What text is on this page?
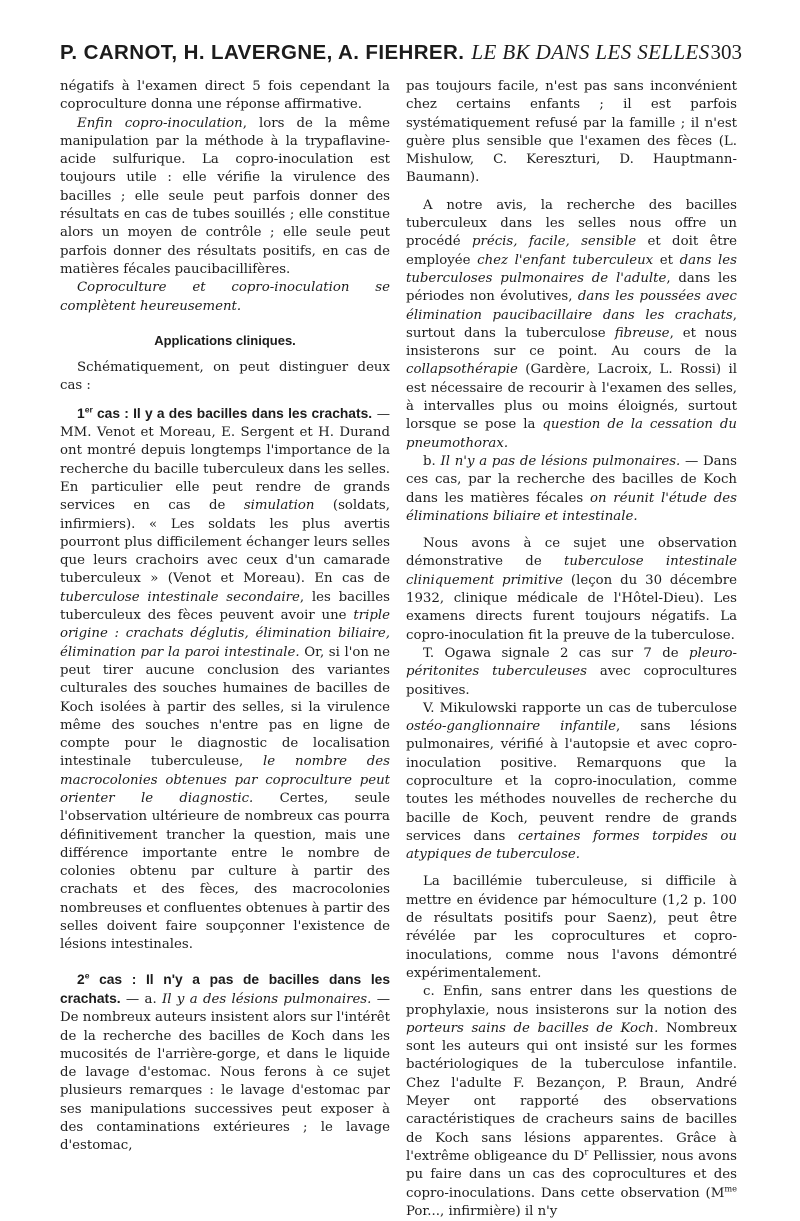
P. CARNOT, H. LAVERGNE, A. FIEHRER. LE BK DANS LES SELLES 303

négatifs à l'examen direct 5 fois cependant la coproculture donna une réponse affirmative.

Enfin copro-inoculation, lors de la même manipulation par la méthode à la trypaflavine-acide sulfurique. La copro-inoculation est toujours utile : elle vérifie la virulence des bacilles ; elle seule peut parfois donner des résultats en cas de tubes souillés ; elle constitue alors un moyen de contrôle ; elle seule peut parfois donner des résultats positifs, en cas de matières fécales paucibacillifères.

Coproculture et copro-inoculation se complètent heureusement.

Applications cliniques.

Schématiquement, on peut distinguer deux cas :

1er cas : Il y a des bacilles dans les crachats. — MM. Venot et Moreau, E. Sergent et H. Durand ont montré depuis longtemps l'importance de la recherche du bacille tuberculeux dans les selles. En particulier elle peut rendre de grands services en cas de simulation (soldats, infirmiers). « Les soldats les plus avertis pourront plus difficilement échanger leurs selles que leurs crachoirs avec ceux d'un camarade tuberculeux » (Venot et Moreau). En cas de tuberculose intestinale secondaire, les bacilles tuberculeux des fèces peuvent avoir une triple origine : crachats déglutis, élimination biliaire, élimination par la paroi intestinale. Or, si l'on ne peut tirer aucune conclusion des variantes culturales des souches humaines de bacilles de Koch isolées à partir des selles, si la virulence même des souches n'entre pas en ligne de compte pour le diagnostic de localisation intestinale tuberculeuse, le nombre des macrocolonies obtenues par coproculture peut orienter le diagnostic. Certes, seule l'observation ultérieure de nombreux cas pourra définitivement trancher la question, mais une différence importante entre le nombre de colonies obtenu par culture à partir des crachats et des fèces, des macrocolonies nombreuses et confluentes obtenues à partir des selles doivent faire soupçonner l'existence de lésions intestinales.

2e cas : Il n'y a pas de bacilles dans les crachats. — a. Il y a des lésions pulmonaires. — De nombreux auteurs insistent alors sur l'intérêt de la recherche des bacilles de Koch dans les mucosités de l'arrière-gorge, et dans le liquide de lavage d'estomac. Nous ferons à ce sujet plusieurs remarques : le lavage d'estomac par ses manipulations successives peut exposer à des contaminations extérieures ; le lavage d'estomac,

pas toujours facile, n'est pas sans inconvénient chez certains enfants ; il est parfois systématiquement refusé par la famille ; il n'est guère plus sensible que l'examen des fèces (L. Mishulow, C. Kereszturi, D. Hauptmann-Baumann).

A notre avis, la recherche des bacilles tuberculeux dans les selles nous offre un procédé précis, facile, sensible et doit être employée chez l'enfant tuberculeux et dans les tuberculoses pulmonaires de l'adulte, dans les périodes non évolutives, dans les poussées avec élimination paucibacillaire dans les crachats, surtout dans la tuberculose fibreuse, et nous insisterons sur ce point. Au cours de la collapsothérapie (Gardère, Lacroix, L. Rossi) il est nécessaire de recourir à l'examen des selles, à intervalles plus ou moins éloignés, surtout lorsque se pose la question de la cessation du pneumothorax.

b. Il n'y a pas de lésions pulmonaires. — Dans ces cas, par la recherche des bacilles de Koch dans les matières fécales on réunit l'étude des éliminations biliaire et intestinale.

Nous avons à ce sujet une observation démonstrative de tuberculose intestinale cliniquement primitive (leçon du 30 décembre 1932, clinique médicale de l'Hôtel-Dieu). Les examens directs furent toujours négatifs. La copro-inoculation fit la preuve de la tuberculose.

T. Ogawa signale 2 cas sur 7 de pleuro-péritonites tuberculeuses avec coprocultures positives.

V. Mikulowski rapporte un cas de tuberculose ostéo-ganglionnaire infantile, sans lésions pulmonaires, vérifié à l'autopsie et avec copro-inoculation positive. Remarquons que la coproculture et la copro-inoculation, comme toutes les méthodes nouvelles de recherche du bacille de Koch, peuvent rendre de grands services dans certaines formes torpides ou atypiques de tuberculose.

La bacillémie tuberculeuse, si difficile à mettre en évidence par hémoculture (1,2 p. 100 de résultats positifs pour Saenz), peut être révélée par les coprocultures et copro-inoculations, comme nous l'avons démontré expérimentalement.

c. Enfin, sans entrer dans les questions de prophylaxie, nous insisterons sur la notion des porteurs sains de bacilles de Koch. Nombreux sont les auteurs qui ont insisté sur les formes bactériologiques de la tuberculose infantile. Chez l'adulte F. Bezançon, P. Braun, André Meyer ont rapporté des observations caractéristiques de cracheurs sains de bacilles de Koch sans lésions apparentes. Grâce à l'extrême obligeance du $D^r$ Pellissier, nous avons pu faire dans un cas des coprocultures et des copro-inoculations. Dans cette observation ($M^{me}$ Por..., infirmière) il n'y
